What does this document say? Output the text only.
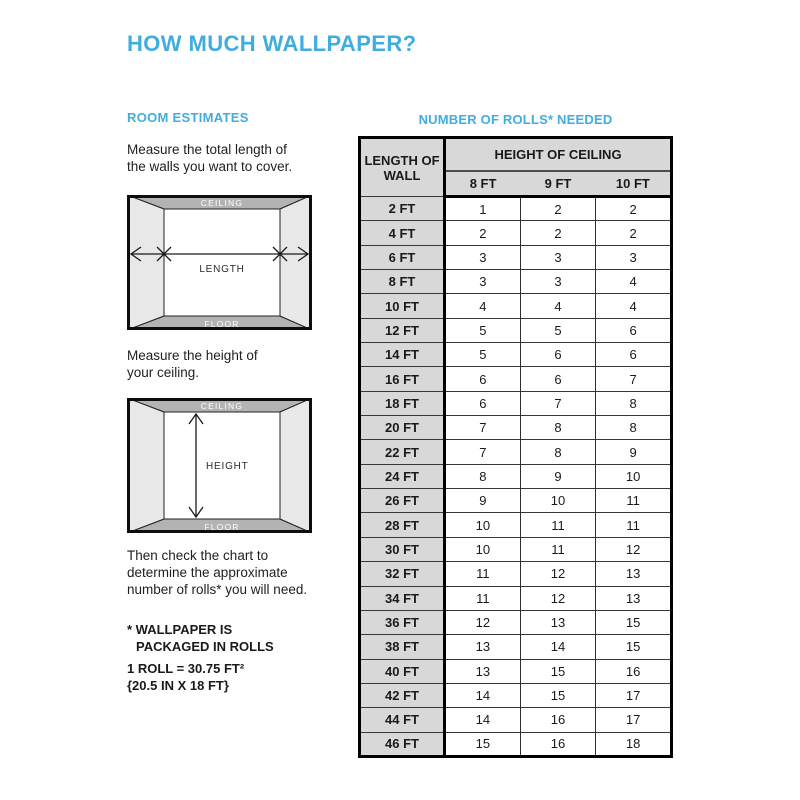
HOW MUCH WALLPAPER?
ROOM ESTIMATES
Measure the total length of
the walls you want to cover.
CEILING
FLOOR
LENGTH
Measure the height of
your ceiling.
HEIGHT
CEILING
FLOOR
Then check the chart to
determine the approximate
number of rolls* you will need.
* WALLPAPER IS
PACKAGED IN ROLLS
1 ROLL = 30.75 FT²
{20.5 IN X 18 FT}
NUMBER OF ROLLS* NEEDED
LENGTH OF WALL	HEIGHT OF CEILING		
	8 FT	9 FT	10 FT
2 FT	1	2	2
4 FT	2	2	2
6 FT	3	3	3
8 FT	3	3	4
10 FT	4	4	4
12 FT	5	5	6
14 FT	5	6	6
16 FT	6	6	7
18 FT	6	7	8
20 FT	7	8	8
22 FT	7	8	9
24 FT	8	9	10
26 FT	9	10	11
28 FT	10	11	11
30 FT	10	11	12
32 FT	11	12	13
34 FT	11	12	13
36 FT	12	13	15
38 FT	13	14	15
40 FT	13	15	16
42 FT	14	15	17
44 FT	14	16	17
46 FT	15	16	18
